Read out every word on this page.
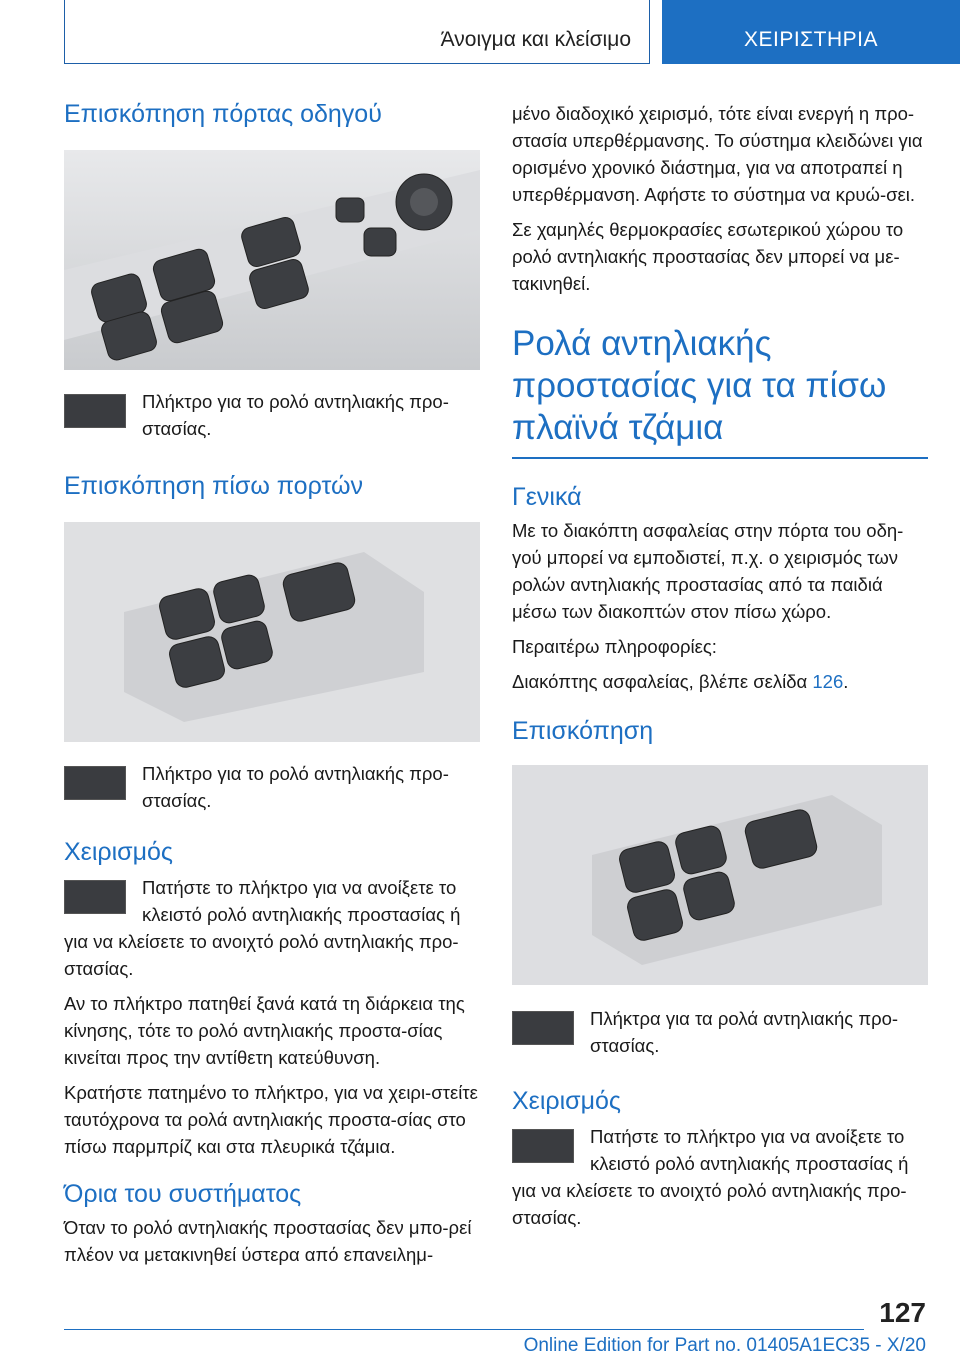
Άνοιγμα και κλείσιμο	ΧΕΙΡΙΣΤΗΡΙΑ
Επισκόπηση πόρτας οδηγού

Πλήκτρο για το ρολό αντηλιακής προ-στασίας.

Επισκόπηση πίσω πορτών

Πλήκτρο για το ρολό αντηλιακής προ-στασίας.

Χειρισμός

Πατήστε το πλήκτρο για να ανοίξετε το κλειστό ρολό αντηλιακής προστασίας ή για να κλείσετε το ανοιχτό ρολό αντηλιακής προ-στασίας.

Αν το πλήκτρο πατηθεί ξανά κατά τη διάρκεια της κίνησης, τότε το ρολό αντηλιακής προστα-σίας κινείται προς την αντίθετη κατεύθυνση.

Κρατήστε πατημένο το πλήκτρο, για να χειρι-στείτε ταυτόχρονα τα ρολά αντηλιακής προστα-σίας στο πίσω παρμπρίζ και στα πλευρικά τζάμια.

Όρια του συστήματος

Όταν το ρολό αντηλιακής προστασίας δεν μπο-ρεί πλέον να μετακινηθεί ύστερα από επανειλημ-

μένο διαδοχικό χειρισμό, τότε είναι ενεργή η προ-στασία υπερθέρμανσης. Το σύστημα κλειδώνει για ορισμένο χρονικό διάστημα, για να αποτραπεί η υπερθέρμανση. Αφήστε το σύστημα να κρυώ-σει.

Σε χαμηλές θερμοκρασίες εσωτερικού χώρου το ρολό αντηλιακής προστασίας δεν μπορεί να με-τακινηθεί.

Ρολά αντηλιακής προστασίας για τα πίσω πλαϊνά τζάμια
Γενικά

Με το διακόπτη ασφαλείας στην πόρτα του οδη-γού μπορεί να εμποδιστεί, π.χ. ο χειρισμός των ρολών αντηλιακής προστασίας από τα παιδιά μέσω των διακοπτών στον πίσω χώρο.

Περαιτέρω πληροφορίες:

Διακόπτης ασφαλείας, βλέπε σελίδα 126.

Επισκόπηση

Πλήκτρα για τα ρολά αντηλιακής προ-στασίας.

Χειρισμός

Πατήστε το πλήκτρο για να ανοίξετε το κλειστό ρολό αντηλιακής προστασίας ή για να κλείσετε το ανοιχτό ρολό αντηλιακής προ-στασίας.

127
Online Edition for Part no. 01405A1EC35 - X/20
